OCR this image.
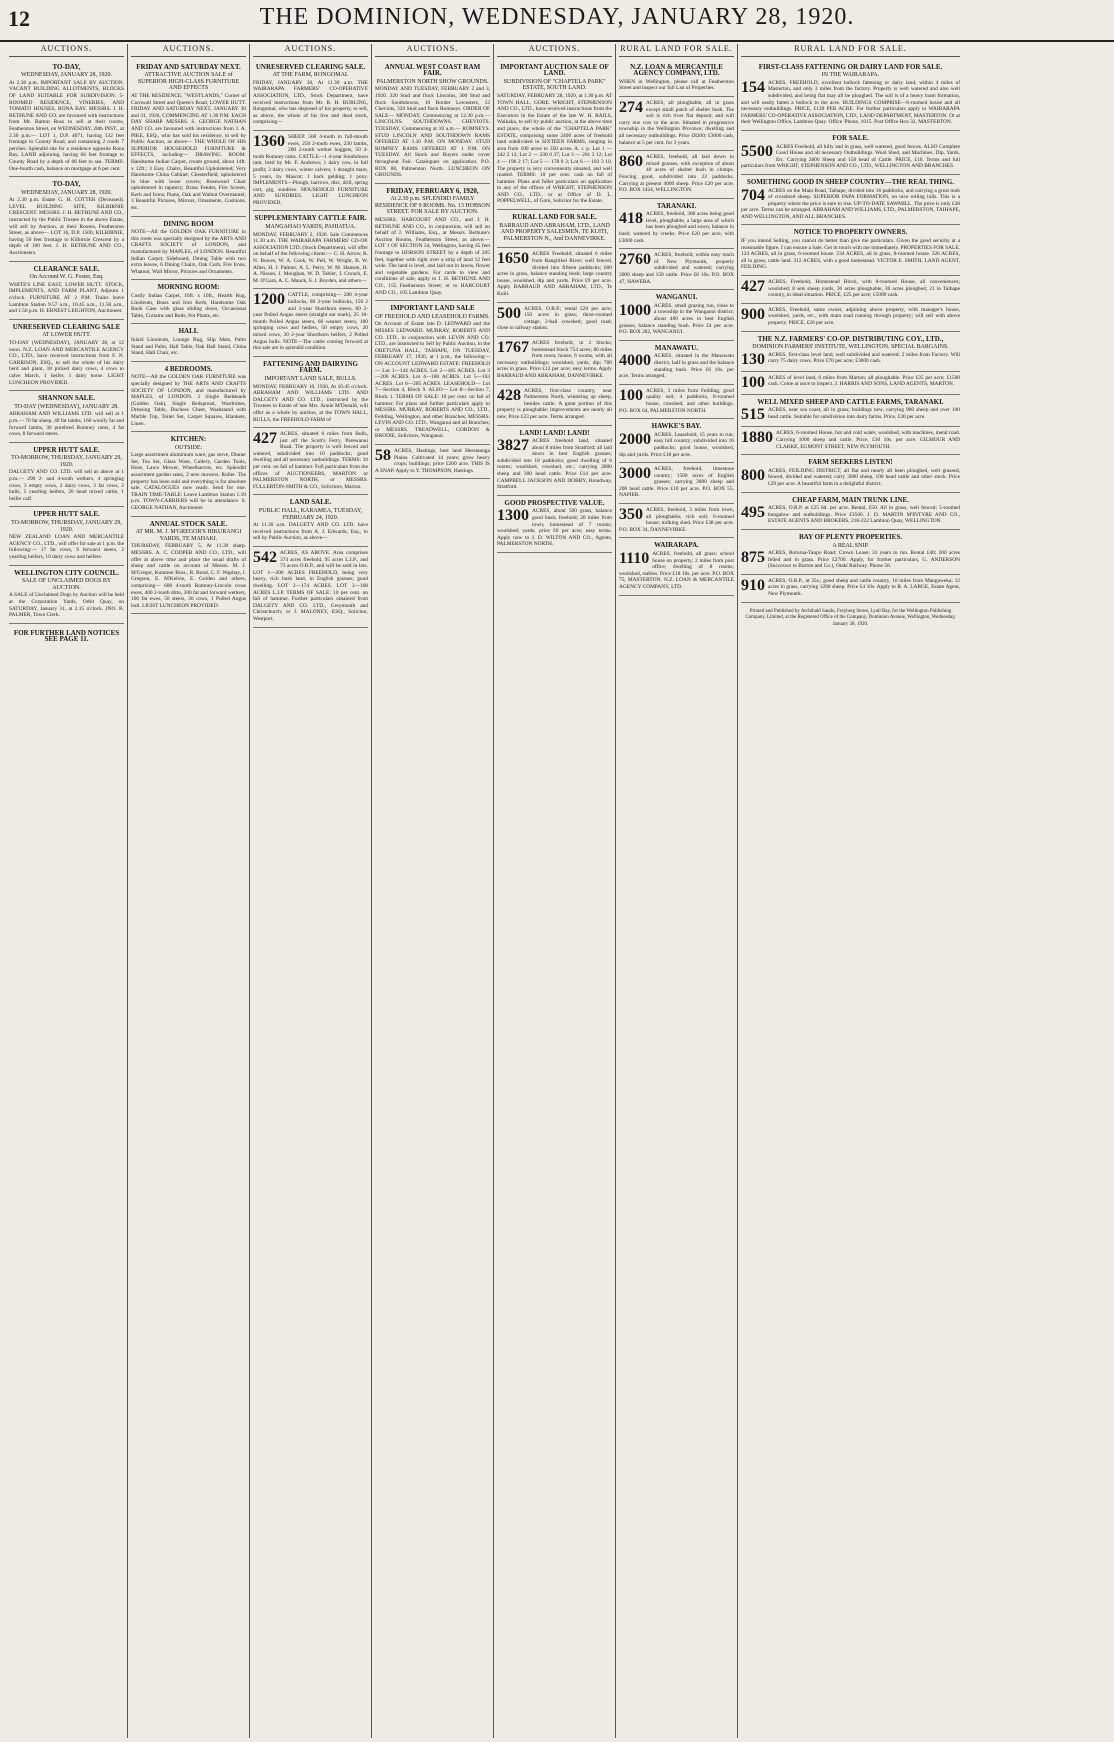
12	THE DOMINION, WEDNESDAY, JANUARY 28, 1920.
AUCTIONS.
TO-DAY,
WEDNESDAY, JANUARY 28, 1920.
At 2.30 p.m. IMPORTANT SALE BY AUCTION. VACANT BUILDING ALLOTMENTS, BLOCKS OF LAND SUITABLE FOR SUBDIVISION. 5-ROOMED RESIDENCE, VINERIES, AND TOMATO HOUSES, RONA BAY. MESSRS. J. H. BETHUNE AND CO. are favoured with instructions from Mr. Barton Ross to sell at their rooms, Featherston Street, on WEDNESDAY, 28th INST., at 2.30 p.m.— LOT 1, D.P. 4071, having 132 feet frontage to County Road, and containing 2 roods 7 perches. Splendid site for a residence opposite Rona Bay. LAND adjoining, having 66 feet frontage to County Road by a depth of 66 feet to sea. TERMS: One-fourth cash, balance on mortgage at 6 per cent.
TO-DAY,
WEDNESDAY, JANUARY 28, 1920.
At 2.30 p.m. Estate G. H. COTTER (Deceased). LEVEL BUILDING SITE, KILBIRNIE CRESCENT. MESSRS. J. H. BETHUNE AND CO., instructed by the Public Trustee in the above Estate, will sell by Auction, at their Rooms, Featherston Street, as above— LOT 16, D.P. 1500, KILBIRNIE, having 50 feet frontage to Kilbirnie Crescent by a depth of 100 feet. J. H. BETHUNE AND CO., Auctioneers.
CLEARANCE SALE.
On Account W. G. Foster, Esq.
WHITE'S LINE EAST, LOWER HUTT. STOCK, IMPLEMENTS, AND FARM PLANT. Adjourn 1 o'clock. FURNITURE AT 2 P.M. Trains leave Lambton Station 9.57 a.m., 10.45 a.m., 11.50 a.m., and 1.50 p.m. H. ERNEST LEIGHTON, Auctioneer.
UNRESERVED CLEARING SALE
AT LOWER HUTT.
TO-DAY (WEDNESDAY), JANUARY 28, at 12 noon. N.Z. LOAN AND MERCANTILE AGENCY CO., LTD., have received instructions from F. N. GARRISON, ESQ., to sell the whole of his dairy herd and plant, 18 picked dairy cows, 4 cows to calve March, 1 heifer, 1 dairy horse. LIGHT LUNCHEON PROVIDED.
SHANNON SALE.
TO-DAY (WEDNESDAY), JANUARY 28.
ABRAHAM AND WILLIAMS LTD. will sell at 1 p.m.— 70 fat sheep, 40 fat lambs, 160 woolly fat and forward lambs, 30 purebred Romney rams, 4 fat cows, 8 forward steers.
UPPER HUTT SALE.
TO-MORROW, THURSDAY, JANUARY 29, 1920.
DALGETY AND CO. LTD. will sell as above at 1 p.m.— 290 2- and 4-tooth wethers, 4 springing cows, 3 empty cows, 2 dairy cows, 3 fat cows, 2 bulls, 5 yearling heifers, 20 head mixed cattle, 1 heifer calf.
UPPER HUTT SALE.
TO-MORROW, THURSDAY, JANUARY 29, 1920.
NEW ZEALAND LOAN AND MERCANTILE AGENCY CO., LTD., will offer for sale at 1 p.m. the following:— 17 fat cows, 9 forward steers, 2 yearling heifers, 10 dairy cows and heifers.
WELLINGTON CITY COUNCIL.
SALE OF UNCLAIMED DOGS BY AUCTION.
A SALE of Unclaimed Dogs by Auction will be held at the Corporation Yards, Orbit Quay, on SATURDAY, January 31, at 2.15 o'clock. JNO. R. PALMER, Town Clerk.
FOR FURTHER LAND NOTICES SEE PAGE 11.
AUCTIONS.
FRIDAY AND SATURDAY NEXT.
ATTRACTIVE AUCTION SALE of SUPERIOR HIGH-CLASS FURNITURE AND EFFECTS
AT THE RESIDENCE, "WESTLANDS," Corner of Cornwall Street and Queen's Road, LOWER HUTT. FRIDAY AND SATURDAY NEXT, JANUARY 30 and 31, 1920, COMMENCING AT 1.30 P.M. EACH DAY SHARP. MESSRS. S. GEORGE NATHAN AND CO. are favoured with instructions from J. A. PIKE, ESQ., who has sold his residence, to sell by Public Auction, as above— THE WHOLE OF HIS SUPERIOR HOUSEHOLD FURNITURE & EFFECTS, including— DRAWING ROOM: Handsome Indian Carpet, cream ground, about 14ft. x 12ft.; 3 Easy Chairs, Beautiful Upholstered; Very Handsome China Cabinet; Chesterfield, upholstered in blue with loose covers; Rosewood Chair upholstered in tapestry; Brass Fender, Fire Screen, Kerb and Irons; Piano, Oak and Walnut Overmantel; 3 Beautiful Pictures, Mirrors, Ornaments, Cushions, etc.
DINING ROOM
NOTE—All the GOLDEN OAK FURNITURE in this room was specially designed by the ARTS AND CRAFTS SOCIETY of LONDON, and manufactured by MAPLES, of LONDON. Beautiful Indian Carpet; Sideboard, Dining Table with two extra leaves, 6 Dining Chairs, Oak Curb, Fire Irons, Whatnot, Wall Mirror, Pictures and Ornaments.
MORNING ROOM:
Costly Indian Carpet, 16ft. x 10ft., Hearth Rug, Linoleum, Brass and Iron Kerb, Handsome Oak Book Case with glass sliding doors, Occasional Table, Curtains and Rods, Pot Plants, etc.
HALL
Inlaid Linoleum, Lounge Rug, Slip Mats, Palm Stand and Palm, Hall Table, Oak Hall Stand, China Stand, Hall Chair, etc.
4 BEDROOMS.
NOTE—All the GOLDEN OAK FURNITURE was specially designed by THE ARTS AND CRAFTS SOCIETY OF LONDON, and manufactured by MAPLES, of LONDON. 2 Single Bedsteads (Golden Oak), Single Bedspread, Wardrobes, Dressing Table, Duchess Chest, Washstand with Marble Top, Toilet Set, Carpet Squares, Blankets, Linen.
KITCHEN:
OUTSIDE:
Large assortment aluminium ware, gas stove, Dinner Set, Tea Set, Glass Ware, Cutlery, Garden Tools, Hose, Lawn Mower, Wheelbarrow, etc. Splendid assortment garden seats, 2 new mowers, Roller. The property has been sold and everything is for absolute sale. CATALOGUES now ready. Send for one. TRAIN TIME-TABLE: Leave Lambton Station 1.10 p.m. TOWN-CARRIERS will be in attendance. S. GEORGE NATHAN, Auctioneer.
ANNUAL STOCK SALE.
AT MR. M. J. M'GREGOR'S HIKURANGI YARDS, TE MAHAKI.
THURSDAY, FEBRUARY 5, At 11.30 sharp. MESSRS. A. C. COOPER AND CO., LTD., will offer at above time and place the usual drafts of sheep and cattle on account of Messrs. M. J. M'Gregor, Kummer Bros., R. Bond, C. F. Wapitay, J. Gregson, E. M'Kelvie, E. Golden and others, comprising— 600 4-tooth Romney-Lincoln cross ewes, 400 2-tooth ditto, 300 fat and forward wethers, 100 fat ewes, 50 steers, 30 cows, 1 Polled Angus bull. LIGHT LUNCHEON PROVIDED.
AUCTIONS.
UNRESERVED CLEARING SALE.
AT THE FARM, RONGOMAI.
FRIDAY, JANUARY 30, At 11.30 a.m. THE WAIRARAPA FARMERS' CO-OPERATIVE ASSOCIATION, LTD., Stock Department, have received instructions from Mr. R. H. BURLING, Rongomai, who has disposed of his property, to sell, as above, the whole of his live and dead stock, comprising—
1360 SHEEP. 560 4-tooth to full-mouth ewes, 250 2-tooth ewes, 230 lambs, 200 2-tooth wether hoggets, 50 4-tooth Romney rams. CATTLE—1 4-year Southdown ram, bred by Mr. F. Andrews; 1 dairy cow, in full profit; 3 dairy cows, winter calvers; 1 draught mare, 5 years, by Mascot; 1 hack gelding; 1 pony. IMPLEMENTS—Plough, harrows, disc, drill, spring cart, gig, sundries. HOUSEHOLD FURNITURE AND SUNDRIES. LIGHT LUNCHEON PROVIDED.
SUPPLEMENTARY CATTLE FAIR.
MANGAHAO YARDS, PAHIATUA.
MONDAY, FEBRUARY 2, 1920. Sale Commences 11.30 a.m. THE WAIRARAPA FARMERS' CO-OP. ASSOCIATION LTD. (Stock Department), will offer on behalf of the following clients:— C. H. Arrow, R. N. Bowes, W. A. Cook, W. Pell, W. Wright, B. W. Allen, H. J. Palmer, A. L. Perry, W. M. Hansen, H. A. Nisson, J. Moughan, W. D. Tabler, J. Crouch, E. M. O'Gara, A. C. Mauck, S. J. Boyden, and others—
1200 CATTLE, comprising— 200 4-year bullocks, 60 3-year bullocks, 150 2 and 3-year Shorthorn steers, 80 2-year Polled Angus steers (straight ear mark), 25 18-month Polled Angus steers, 60 weaner steers, 100 springing cows and heifers, 50 empty cows, 20 mixed cows, 30 2-year Shorthorn heifers, 2 Polled Angus bulls. NOTE—The cattle coming forward at this sale are in splendid condition.
FATTENING AND DAIRYING FARM.
IMPORTANT LAND SALE, BULLS.
MONDAY, FEBRUARY 16, 1920, At 10.45 o'clock. ABRAHAM AND WILLIAMS LTD. AND DALGETY AND CO. LTD., instructed by the Trustees in Estate of late Mrs. Annie M'Donald, will offer as a whole by auction, at the TOWN HALL, BULLS, the FREEHOLD FARM of
427 ACRES, situated 6 miles from Bulls, just off the Scott's Ferry, Parewanui Road. The property is well fenced and watered, subdivided into 10 paddocks; good dwelling and all necessary outbuildings. TERMS: 10 per cent. on fall of hammer. Full particulars from the offices of AUCTIONEERS, MARTON or PALMERSTON NORTH, or MESSRS. FULLERTON-SMITH & CO., Solicitors, Marton.
LAND SALE.
PUBLIC HALL, KARAMEA, TUESDAY, FEBRUARY 24, 1920.
At 11.30 a.m. DALGETY AND CO. LTD. have received instructions from A. J. Edwards, Esq., to sell by Public Auction, as above—
542 ACRES, AS ABOVE. Area comprises 374 acres freehold, 95 acres L.I.P., and 73 acres O.R.P., and will be sold in lots. LOT 1—200 ACRES FREEHOLD, being very heavy, rich bush land, in English grasses; good dwelling. LOT 2—174 ACRES. LOT 3—168 ACRES L.I.P. TERMS OF SALE: 10 per cent. on fall of hammer. Further particulars obtained from DALGETY AND CO. LTD., Greymouth and Christchurch; or J. MALONEY, ESQ., Solicitor, Westport.
AUCTIONS.
ANNUAL WEST COAST RAM FAIR.
PALMERSTON NORTH SHOW GROUNDS.
MONDAY AND TUESDAY, FEBRUARY 2 and 3, 1920. 320 Stud and flock Lincolns, 300 Stud and flock Southdowns, 10 Border Leicesters, 12 Cheviots, 320 Stud and flock Romneys. ORDER OF SALE— MONDAY, Commencing at 12.30 p.m.— LINCOLNS. SOUTHDOWNS. CHEVIOTS. TUESDAY, Commencing at 10 a.m.— ROMNEYS. STUD LINCOLN AND SOUTHDOWN RAMS OFFERED AT 1.30 P.M. ON MONDAY. STUD ROMNEY RAMS OFFERED AT 1 P.M. ON TUESDAY. All Stock and Buyers under cover throughout Fair. Catalogues on application. P.O. BOX 88, Palmerston North. LUNCHEON ON GROUNDS.
FRIDAY, FEBRUARY 6, 1920,
At 2.30 p.m. SPLENDID FAMILY RESIDENCE OF 9 ROOMS. No. 13 HOBSON STREET. FOR SALE BY AUCTION.
MESSRS. HARCOURT AND CO., and J. H. BETHUNE AND CO., in conjunction, will sell on behalf of J. Williams, Esq., at Messrs. Bethune's Auction Rooms, Featherston Street, as above:— LOT 1 OF SECTION 34, Wellington, having 45 feet frontage to HOBSON STREET by a depth of 205 feet, together with right over a strip of land 12 feet wide. The land is level, and laid out in lawns, flower and vegetable gardens. For cards to view and conditions of sale, apply to J. H. BETHUNE AND CO., 155 Featherston Street; or to HARCOURT AND CO., 105 Lambton Quay.
IMPORTANT LAND SALE
OF FREEHOLD AND LEASEHOLD FARMS.
On Account of Estate late D. LEDWARD and the MISSES LEDWARD. MURRAY, ROBERTS AND CO. LTD., in conjunction with LEVIN AND CO. LTD., are instructed to Sell by Public Auction, in the ORETUNA HALL, TAIHAPE, ON TUESDAY, FEBRUARY 17, 1920, at 1 p.m., the following— ON ACCOUNT LEDWARD ESTATE: FREEHOLD— Lot 1—144 ACRES. Lot 2—185 ACRES. Lot 3—206 ACRES. Lot 4—180 ACRES. Lot 5—163 ACRES. Lot 6—285 ACRES. LEASEHOLD— Lot 7—Section 4, Block 9. ALSO— Lot 8—Section 7, Block 1. TERMS OF SALE: 10 per cent. on fall of hammer. For plans and further particulars apply to MESSRS. MURRAY, ROBERTS AND CO., LTD., Feilding, Wellington, and other Branches; MESSRS. LEVIN AND CO. LTD., Wanganui and all Branches; or MESSRS. TREADWELL, GORDON & BRODIE, Solicitors, Wanganui.
58 ACRES, Hastings, best land Heretaunga Plains. Cultivated 14 years; grow heavy crops; buildings; price £200 acre. THIS IS A SNAP. Apply to Y. THOMPSON, Hastings.
AUCTIONS.
IMPORTANT AUCTION SALE OF LAND.
SUBDIVISION OF "CHAPTELA PARK" ESTATE, SOUTH LAND.
SATURDAY, FEBRUARY 28, 1920, at 1.30 p.m. AT TOWN HALL, GORE. WRIGHT, STEPHENSON AND CO., LTD., have received instructions from the Executors in the Estate of the late W. H. RAILS, Waikaka, to sell by public auction, at the above time and place, the whole of the "CHAPTELA PARK" ESTATE, comprising some 2400 acres of freehold land subdivided in SIXTEEN FARMS, ranging in area from 100 acres to 350 acres. A. r. p. Lot 1 — 242 2 12; Lot 2 — 236 0 37; Lot 3 — 201 3 12; Lot 4 — 196 2 17; Lot 5 — 178 0 3; Lot 6 — 183 3 10. The property is very conveniently situated, and well roaded. TERMS: 10 per cent. cash on fall of hammer. Plans and fuller particulars on application to any of the offices of WRIGHT, STEPHENSON AND CO., LTD., or at Office of D. L. POPPELWELL, of Gore, Solicitor for the Estate.
RURAL LAND FOR SALE.
BARRAUD AND ABRAHAM, LTD., LAND AND PROPERTY SALESMEN, TE KUITI, PALMERSTON N., And DANNEVIRKE.
1650 ACRES Freehold; situated 6 miles from Rangitikei River; well fenced, divided into fifteen paddocks; 600 acres in grass, balance standing bush; large country house, woolshed, dip and yards. Price £9 per acre. Apply BARRAUD AND ABRAHAM, LTD., Te Kuiti.
500 ACRES, O.R.P.; rental £20 per acre; 150 acres in grass; three-roomed cottage, 2-bail cowshed; good road; close to railway station.
1767 ACRES freehold, in 2 blocks; homestead block 754 acres; 80 miles from town; house; 6 rooms, with all necessary outbuildings; woolshed, yards, dip; 700 acres in grass. Price £12 per acre; easy terms. Apply BARRAUD AND ABRAHAM, DANNEVIRKE.
428 ACRES, first-class country, near Palmerston North, wintering up sheep, besides cattle. A great portion of this property is ploughable; improvements are nearly all new. Price £23 per acre. Terms arranged.
LAND! LAND! LAND!
3827 ACRES freehold land, situated about 8 miles from Stratford; all laid down in best English grasses; subdivided into 18 paddocks; good dwelling of 6 rooms; woolshed, cowshed, etc.; carrying 2800 sheep and 300 head cattle. Price £14 per acre. CAMPBELL JACKSON AND DOBBY, Broadway, Stratford.
GOOD PROSPECTIVE VALUE.
1300 ACRES, about 500 grass, balance good bush; freehold; 20 miles from town; homestead of 7 rooms; woolshed; yards; price £6 per acre; easy terms. Apply now to J. D. WILTON AND CO., Agents, PALMERSTON NORTH.
RURAL LAND FOR SALE.
N.Z. LOAN & MERCANTILE AGENCY COMPANY, LTD.
WHEN in Wellington, please call at Featherston Street and inspect our full List of Properties.
274 ACRES, all ploughable, all in grass except small patch of shelter bush. The soil is rich river flat deposit, and will carry one cow to the acre. Situated in progressive township in the Wellington Province; dwelling and all necessary outbuildings. Price £8200; £3000 cash, balance at 5 per cent. for 3 years.
860 ACRES, freehold, all laid down in mixed grasses, with exception of about 40 acres of shelter bush in clumps. Fencing good, subdivided into 22 paddocks. Carrying at present 4000 sheep. Price £20 per acre. P.O. BOX 1424, WELLINGTON.
TARANAKI.
418 ACRES, freehold, 300 acres being good level, ploughable, a large area of which has been ploughed and sown; balance in bush; watered by creeks. Price £20 per acre, with £3000 cash.
2760 ACRES, freehold, within easy reach of New Plymouth, properly subdivided and watered; carrying 3000 sheep and 150 cattle. Price £8 10s. P.O. BOX 47, HAWERA.
WANGANUI.
1000 ACRES, small grazing run, close to a township in the Wanganui district; about 400 acres in best English grasses, balance standing bush. Price £4 per acre. P.O. BOX 282, WANGANUI.
MANAWATU.
4000 ACRES, situated in the Manawatu district, half in grass and the balance standing bush. Price £6 10s. per acre. Terms arranged.
100 ACRES, 3 miles from Feilding, good quality soil; 4 paddocks, 8-roomed house, cowshed, and other buildings. P.O. BOX 64, PALMERSTON NORTH.
HAWKE'S BAY.
2000 ACRES, Leasehold, 15 years to run; easy hill country; subdivided into 16 paddocks; good house, woolshed, dip and yards. Price £18 per acre.
3000 ACRES, freehold, limestone country; 1500 acres of English grasses; carrying 3000 sheep and 200 head cattle. Price £10 per acre. P.O. BOX 55, NAPIER.
350 ACRES, freehold, 3 miles from town, all ploughable; rich soil; 6-roomed house; milking shed. Price £38 per acre. P.O. BOX 34, DANNEVIRKE.
WAIRARAPA.
1110 ACRES, freehold, all grass; school house on property; 2 miles from post office; dwelling of 8 rooms; woolshed, stables. Price £18 10s. per acre. P.O. BOX 75, MASTERTON. N.Z. LOAN & MERCANTILE AGENCY COMPANY, LTD.
RURAL LAND FOR SALE.
FIRST-CLASS FATTENING OR DAIRY LAND FOR SALE.
IN THE WAIRARAPA.
154 ACRES, FREEHOLD, excellent bullock fattening or dairy land, within 4 miles of Masterton, and only 3 miles from the factory. Property is well watered and also well subdivided, and being flat may all be ploughed. The soil is of a heavy loam formation, and will easily fatten a bullock to the acre. BUILDINGS COMPRISE—6-roomed house and all necessary outbuildings. PRICE, £120 PER ACRE. For further particulars apply to WAIRARAPA FARMERS' CO-OPERATIVE ASSOCIATION, LTD., LAND DEPARTMENT, MASTERTON. Or at their Wellington Office, Lambton Quay. Office 'Phone, 1015. Post Office Box 32, MASTERTON.
FOR SALE.
5500 ACRES Freehold, all hilly and in grass, well watered, good fences. ALSO Complete Good House and all necessary Outbuildings. Wool Shed, and Machines. Dip, Yards, Etc. Carrying 2800 Sheep and 150 head of Cattle. PRICE, £10. Terms and full particulars from WRIGHT, STEPHENSON AND CO., LTD., WELLINGTON AND BRANCHES.
SOMETHING GOOD IN SHEEP COUNTRY—THE REAL THING.
704 ACRES on the Main Road, Taihape, divided into 16 paddocks, and carrying a great mob of crossbred sheep. SUPERIOR PAPA FORMATION, on nice rolling hills. This is a property where the price is sure to rise. UP-TO-DATE SAWMILL. The price is only £28 per acre. Terms can be arranged. ABRAHAM AND WILLIAMS, LTD., PALMERSTON, TAIHAPE, AND WELLINGTON, AND ALL BRANCHES.
NOTICE TO PROPERTY OWNERS.
IF you intend Selling, you cannot do better than give me particulars. Given the good security at a reasonable figure, I can ensure a Sale. Get in touch with me immediately. PROPERTIES FOR SALE. 124 ACRES, all in grass, 6-roomed house. 234 ACRES, all in grass, 8-roomed house. 326 ACRES, all in grass, cattle land. 312 ACRES, with a good homestead. VICTOR E. SMITH, LAND AGENT, FEILDING.
427 ACRES, Freehold, Homestead Block, with 8-roomed House, all conveniences; woolshed; 8 sets sheep yards, 30 acres ploughable, 30 acres ploughed; 21 in Taihape country, in ideal situation. PRICE, £25 per acre; £5000 cash.
900 ACRES, Freehold, same owner, adjoining above property, with manager's house, woolshed, yards, etc., with main road running through property; will sell with above property. PRICE, £20 per acre.
THE N.Z. FARMERS' CO-OP. DISTRIBUTING COY., LTD.,
DOMINION FARMERS' INSTITUTE, WELLINGTON. SPECIAL BARGAINS.
130 ACRES, first-class level land, well subdivided and watered; 2 miles from Factory. Will carry 75 dairy cows. Price £70 per acre; £3000 cash.
100 ACRES of level land, 6 miles from Marton; all ploughable. Price £35 per acre; £1500 cash. Come at once to inspect. J. HARRIS AND SONS, LAND AGENTS, MARTON.
WELL MIXED SHEEP AND CATTLE FARMS, TARANAKI.
515 ACRES, near sea coast, all in grass; buildings new, carrying 900 sheep and over 100 head cattle. Suitable for subdivision into dairy farms. Price, £30 per acre.
1880 ACRES, 6-roomed House, hot and cold water, woolshed, with machines, metal road. Carrying 1000 sheep and cattle. Price, £30 10s. per acre. GILMOUR AND CLARKE, EGMONT STREET, NEW PLYMOUTH.
FARM SEEKERS LISTEN!
800 ACRES, FEILDING DISTRICT, all flat and nearly all been ploughed, well grassed, fenced, divided and watered; carry 3000 sheep, 100 head cattle and other stock. Price £29 per acre. A beautiful farm in a delightful district.
CHEAP FARM, MAIN TRUNK LINE.
495 ACRES, O.R.P. at £25 6d. per acre. Rental, £50. All in grass, well fenced; 5-roomed bungalow and outbuildings. Price £3500. J. D. MARTIN M'INTYRE AND CO., ESTATE AGENTS AND BROKERS, 218-222 Lambton Quay, WELLINGTON.
BAY OF PLENTY PROPERTIES.
A REAL SNIP.
875 ACRES, Rotorua-Taupo Road; Crown Lease; 33 years to run. Rental £40; 200 acres felled and in grass. Price £2700. Apply, for further particulars, G. ANDERSON (Successor to Burton and Co.), Otaki Railway. Phone 58.
910 ACRES, O.R.P., at 35s.; good sheep and cattle country, 10 miles from Mangaweka; 12 acres in grass, carrying 1200 sheep. Price £4 10s. Apply to R. A. LARGE, Estate Agent, New Plymouth.
Printed and Published by Archibald Sando, Freyberg Street, Lyall Bay, for the Wellington Publishing Company, Limited, at the Registered Office of the Company, Dominion Avenue, Wellington, Wednesday, January 28, 1920.
